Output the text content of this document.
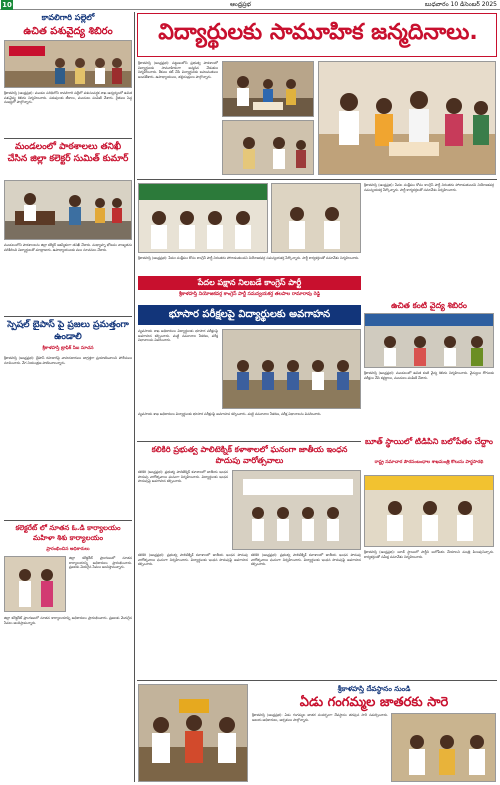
10	ఆంధ్రప్రభ	బుధవారం 10 డిసెంబర్ 2025
కావలిగారి పల్లెలో
ఉచిత పశువైద్య శిబిరం
శ్రీకాళహస్తి (ఆంధ్రప్రభ): మండల పరిధిలోని కావలిగారి పల్లెలో పశుసంవర్ధక శాఖ ఆధ్వర్యంలో ఉచిత పశువైద్య శిబిరం నిర్వహించారు. పశువులకు టీకాలు, మందులు పంపిణీ చేశారు. రైతులు పెద్ద సంఖ్యలో పాల్గొన్నారు.
మండలంలో పాఠశాలలు తనిఖీ చేసిన జిల్లా కలెక్టర్ సుమిత్ కుమార్
మండలంలోని పాఠశాలలను జిల్లా కలెక్టర్ ఆకస్మికంగా తనిఖీ చేశారు. మధ్యాహ్న భోజనం నాణ్యతను పరిశీలించి విద్యార్థులతో మాట్లాడారు. ఉపాధ్యాయులకు పలు సూచనలు చేశారు.
స్పెషల్ బైపాస్ పై ప్రజలు ప్రమత్తంగా ఉండాలి
శ్రీకాళహస్తి ట్రాఫిక్ సిఐ సూచన
శ్రీకాళహస్తి (ఆంధ్రప్రభ): బైపాస్ రహదారిపై వాహనదారులు జాగ్రత్తగా ప్రయాణించాలని పోలీసులు సూచించారు. వేగ నియంత్రణ పాటించాలన్నారు.
కలెక్టరేట్ లో నూతన ఓ.డి కార్యాలయం మహిళా శిశు కార్యాలయం
ప్రారంభించిన అధికారులు
జిల్లా కలెక్టరేట్ ప్రాంగణంలో నూతన కార్యాలయాన్ని అధికారులు ప్రారంభించారు. ప్రజలకు మెరుగైన సేవలు అందిస్తామన్నారు.
జిల్లా కలెక్టరేట్ ప్రాంగణంలో నూతన కార్యాలయాన్ని అధికారులు ప్రారంభించారు. ప్రజలకు మెరుగైన సేవలు అందిస్తామన్నారు.
విద్యార్థులకు సామూహిక జన్మదినాలు.
శ్రీకాళహస్తి (ఆంధ్రప్రభ): పట్టణంలోని ప్రభుత్వ పాఠశాలలో విద్యార్థులకు సామూహికంగా జన్మదిన వేడుకలు నిర్వహించారు. కేకులు కట్ చేసి విద్యార్థులకు బహుమతులు అందజేశారు. ఉపాధ్యాయులు, తల్లిదండ్రులు పాల్గొన్నారు.
శ్రీకాళహస్తి (ఆంధ్రప్రభ): పేదల సంక్షేమం కోసం కాంగ్రెస్ పార్టీ నిరంతరం పోరాడుతుందని నియోజకవర్గ సమన్వయకర్త పేర్కొన్నారు. పార్టీ కార్యకర్తలతో సమావేశం నిర్వహించారు.
శ్రీకాళహస్తి (ఆంధ్రప్రభ): పేదల సంక్షేమం కోసం కాంగ్రెస్ పార్టీ నిరంతరం పోరాడుతుందని నియోజకవర్గ సమన్వయకర్త పేర్కొన్నారు. పార్టీ కార్యకర్తలతో సమావేశం నిర్వహించారు.
పేదల పక్షాన నిలబడే కాంగ్రెస్ పార్టీ
శ్రీకాళహస్తి నియోజకవర్గ కాంగ్రెస్ పార్టీ సమన్వయకర్త తలపాల రామారావు రెడ్డి
ఉచిత కంటి వైద్య శిబిరం
శ్రీకాళహస్తి (ఆంధ్రప్రభ): మండలంలో ఉచిత కంటి వైద్య శిబిరం నిర్వహించారు. వైద్యులు రోగులకు పరీక్షలు చేసి కళ్లద్దాలు, మందులు పంపిణీ చేశారు.
భూసార పరీక్షలపై విద్యార్థులకు అవగాహన
వ్యవసాయ శాఖ అధికారులు విద్యార్థులకు భూసార పరీక్షలపై అవగాహన కల్పించారు. మట్టి నమూనాల సేకరణ, పరీక్ష విధానాలను వివరించారు.
వ్యవసాయ శాఖ అధికారులు విద్యార్థులకు భూసార పరీక్షలపై అవగాహన కల్పించారు. మట్టి నమూనాల సేకరణ, పరీక్ష విధానాలను వివరించారు.
బూత్ స్థాయిలో టిడిపిని బలోపేతం చేద్దాం
రాష్ట్ర సమాచార పౌరసంబంధాల శాఖమంత్రి కొలుసు పార్థసారథి
శ్రీకాళహస్తి (ఆంధ్రప్రభ): బూత్ స్థాయిలో పార్టీని బలోపేతం చేయాలని మంత్రి పిలుపునిచ్చారు. కార్యకర్తలతో సమీక్ష సమావేశం నిర్వహించారు.
కలికిరి ప్రభుత్వ పాలిటెక్నిక్ కళాశాలలో ఘనంగా జాతీయ ఇంధన పొదుపు వారోత్సవాలు
కలికిరి (ఆంధ్రప్రభ): ప్రభుత్వ పాలిటెక్నిక్ కళాశాలలో జాతీయ ఇంధన పొదుపు వారోత్సవాలు ఘనంగా నిర్వహించారు. విద్యార్థులకు ఇంధన పొదుపుపై అవగాహన కల్పించారు.
కలికిరి (ఆంధ్రప్రభ): ప్రభుత్వ పాలిటెక్నిక్ కళాశాలలో జాతీయ ఇంధన పొదుపు వారోత్సవాలు ఘనంగా నిర్వహించారు. విద్యార్థులకు ఇంధన పొదుపుపై అవగాహన కల్పించారు.
కలికిరి (ఆంధ్రప్రభ): ప్రభుత్వ పాలిటెక్నిక్ కళాశాలలో జాతీయ ఇంధన పొదుపు వారోత్సవాలు ఘనంగా నిర్వహించారు. విద్యార్థులకు ఇంధన పొదుపుపై అవగాహన కల్పించారు.
శ్రీకాళహస్తి దేవస్థానం నుండి
ఏడు గంగమ్మల జాతరకు సారె
శ్రీకాళహస్తి (ఆంధ్రప్రభ): ఏడు గంగమ్మల జాతర సందర్భంగా దేవస్థానం తరఫున సారె సమర్పించారు. ఆలయ అధికారులు, అర్చకులు పాల్గొన్నారు.
